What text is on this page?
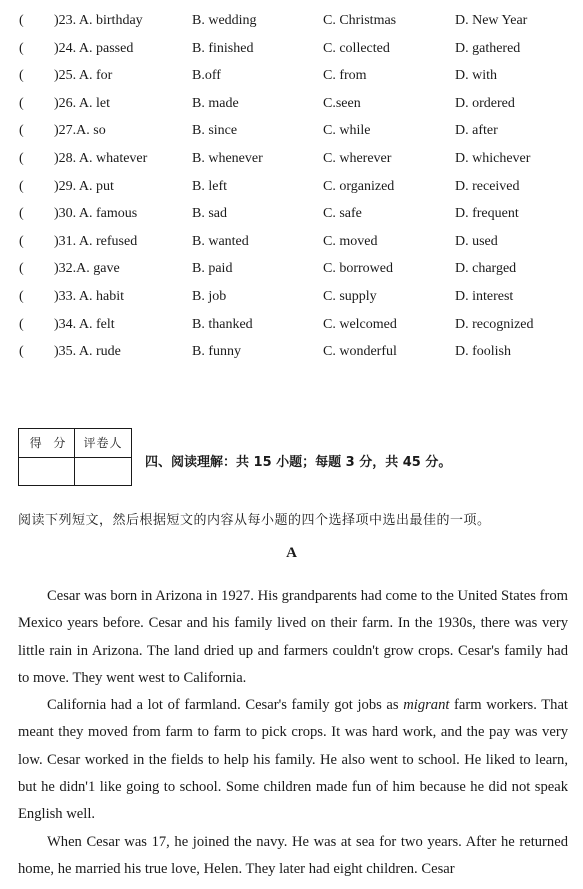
( )23. A. birthday	B. wedding	C. Christmas	D. New Year
( )24. A. passed	B. finished	C. collected	D. gathered
( )25. A. for	B.off	C. from	D. with
( )26. A. let	B. made	C.seen	D. ordered
( )27.A. so	B. since	C. while	D. after
( )28. A. whatever	B. whenever	C. wherever	D. whichever
( )29. A. put	B. left	C. organized	D. received
( )30. A. famous	B. sad	C. safe	D. frequent
( )31. A. refused	B. wanted	C. moved	D. used
( )32.A. gave	B. paid	C. borrowed	D. charged
( )33. A. habit	B. job	C. supply	D. interest
( )34. A. felt	B. thanked	C. welcomed	D. recognized
( )35. A. rude	B. funny	C. wonderful	D. foolish
得 分	评卷人
四、阅读理解：共 15 小题；每题 3 分，共 45 分。
阅读下列短文，然后根据短文的内容从每小题的四个选择项中选出最佳的一项。
A

Cesar was born in Arizona in 1927. His grandparents had come to the United States from Mexico years before. Cesar and his family lived on their farm. In the 1930s, there was very little rain in Arizona. The land dried up and farmers couldn't grow crops. Cesar's family had to move. They went west to California.

California had a lot of farmland. Cesar's family got jobs as migrant farm workers. That meant they moved from farm to farm to pick crops. It was hard work, and the pay was very low. Cesar worked in the fields to help his family. He also went to school. He liked to learn, but he didn'1 like going to school. Some children made fun of him because he did not speak English well.

When Cesar was 17, he joined the navy. He was at sea for two years. After he returned home, he married his true love, Helen. They later had eight children. Cesar
